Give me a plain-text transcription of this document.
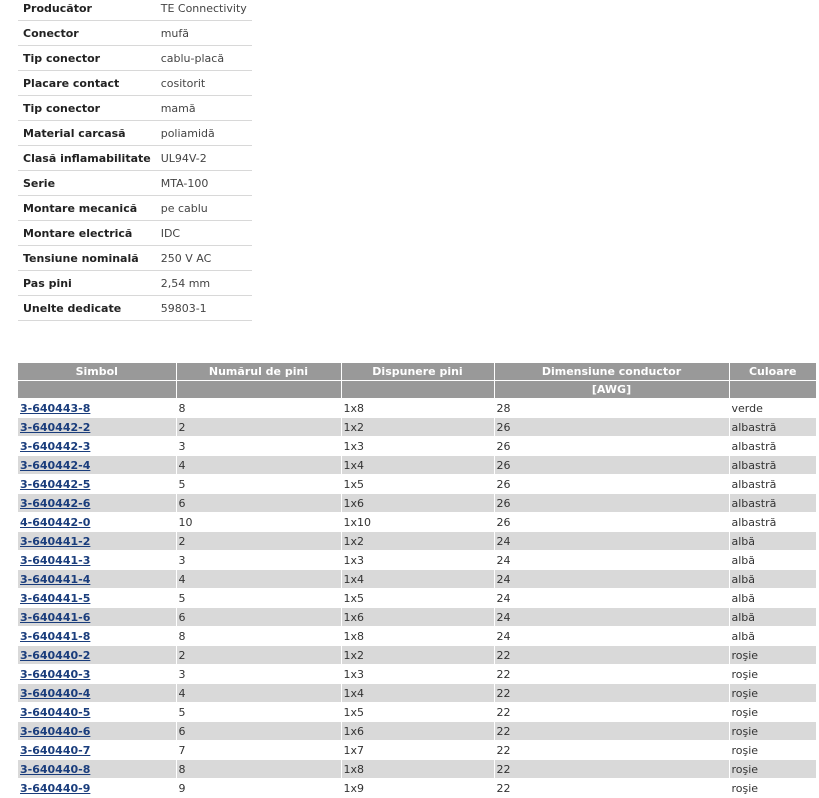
Producător	TE Connectivity
Conector	mufă
Tip conector	cablu-placă
Placare contact	cositorit
Tip conector	mamă
Material carcasă	poliamidă
Clasă inflamabilitate	UL94V-2
Serie	MTA-100
Montare mecanică	pe cablu
Montare electrică	IDC
Tensiune nominală	250 V AC
Pas pini	2,54 mm
Unelte dedicate	59803-1
Simbol	Numărul de pini	Dispunere pini	Dimensiune conductor	Culoare
			[AWG]	
3-640443-8	8	1x8	28	verde
3-640442-2	2	1x2	26	albastră
3-640442-3	3	1x3	26	albastră
3-640442-4	4	1x4	26	albastră
3-640442-5	5	1x5	26	albastră
3-640442-6	6	1x6	26	albastră
4-640442-0	10	1x10	26	albastră
3-640441-2	2	1x2	24	albă
3-640441-3	3	1x3	24	albă
3-640441-4	4	1x4	24	albă
3-640441-5	5	1x5	24	albă
3-640441-6	6	1x6	24	albă
3-640441-8	8	1x8	24	albă
3-640440-2	2	1x2	22	roşie
3-640440-3	3	1x3	22	roşie
3-640440-4	4	1x4	22	roşie
3-640440-5	5	1x5	22	roşie
3-640440-6	6	1x6	22	roşie
3-640440-7	7	1x7	22	roşie
3-640440-8	8	1x8	22	roşie
3-640440-9	9	1x9	22	roşie
